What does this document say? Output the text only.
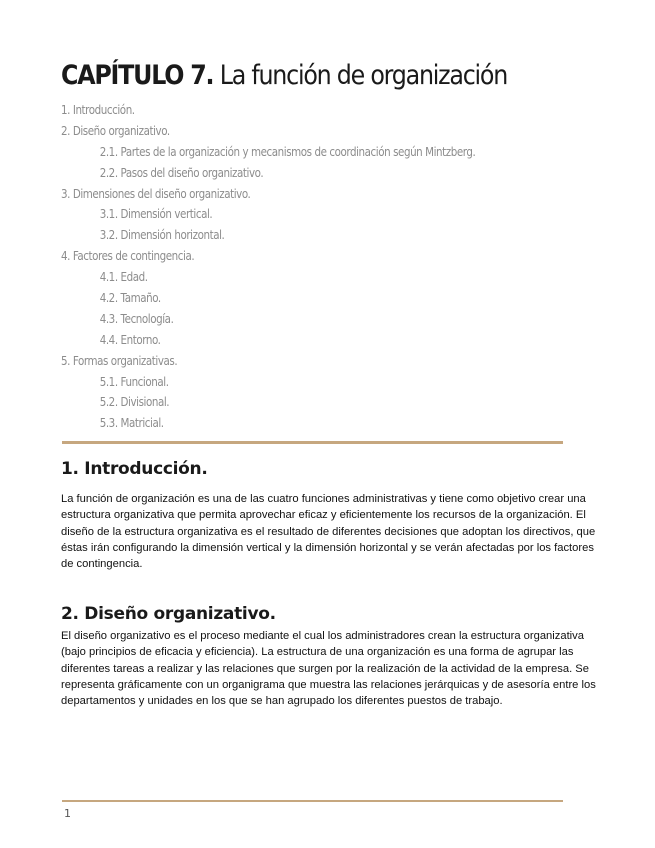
CAPÍTULO 7. La función de organización
1. Introducción.
2. Diseño organizativo.
2.1. Partes de la organización y mecanismos de coordinación según Mintzberg.
2.2. Pasos del diseño organizativo.
3. Dimensiones del diseño organizativo.
3.1. Dimensión vertical.
3.2. Dimensión horizontal.
4. Factores de contingencia.
4.1. Edad.
4.2. Tamaño.
4.3. Tecnología.
4.4. Entorno.
5. Formas organizativas.
5.1. Funcional.
5.2. Divisional.
5.3. Matricial.
1. Introducción.

La función de organización es una de las cuatro funciones administrativas y tiene como objetivo crear una estructura organizativa que permita aprovechar eficaz y eficientemente los recursos de la organización. El diseño de la estructura organizativa es el resultado de diferentes decisiones que adoptan los directivos, que éstas irán configurando la dimensión vertical y la dimensión horizontal y se verán afectadas por los factores de contingencia.

2. Diseño organizativo.

El diseño organizativo es el proceso mediante el cual los administradores crean la estructura organizativa (bajo principios de eficacia y eficiencia). La estructura de una organización es una forma de agrupar las diferentes tareas a realizar y las relaciones que surgen por la realización de la actividad de la empresa. Se representa gráficamente con un organigrama que muestra las relaciones jerárquicas y de asesoría entre los departamentos y unidades en los que se han agrupado los diferentes puestos de trabajo.

1
